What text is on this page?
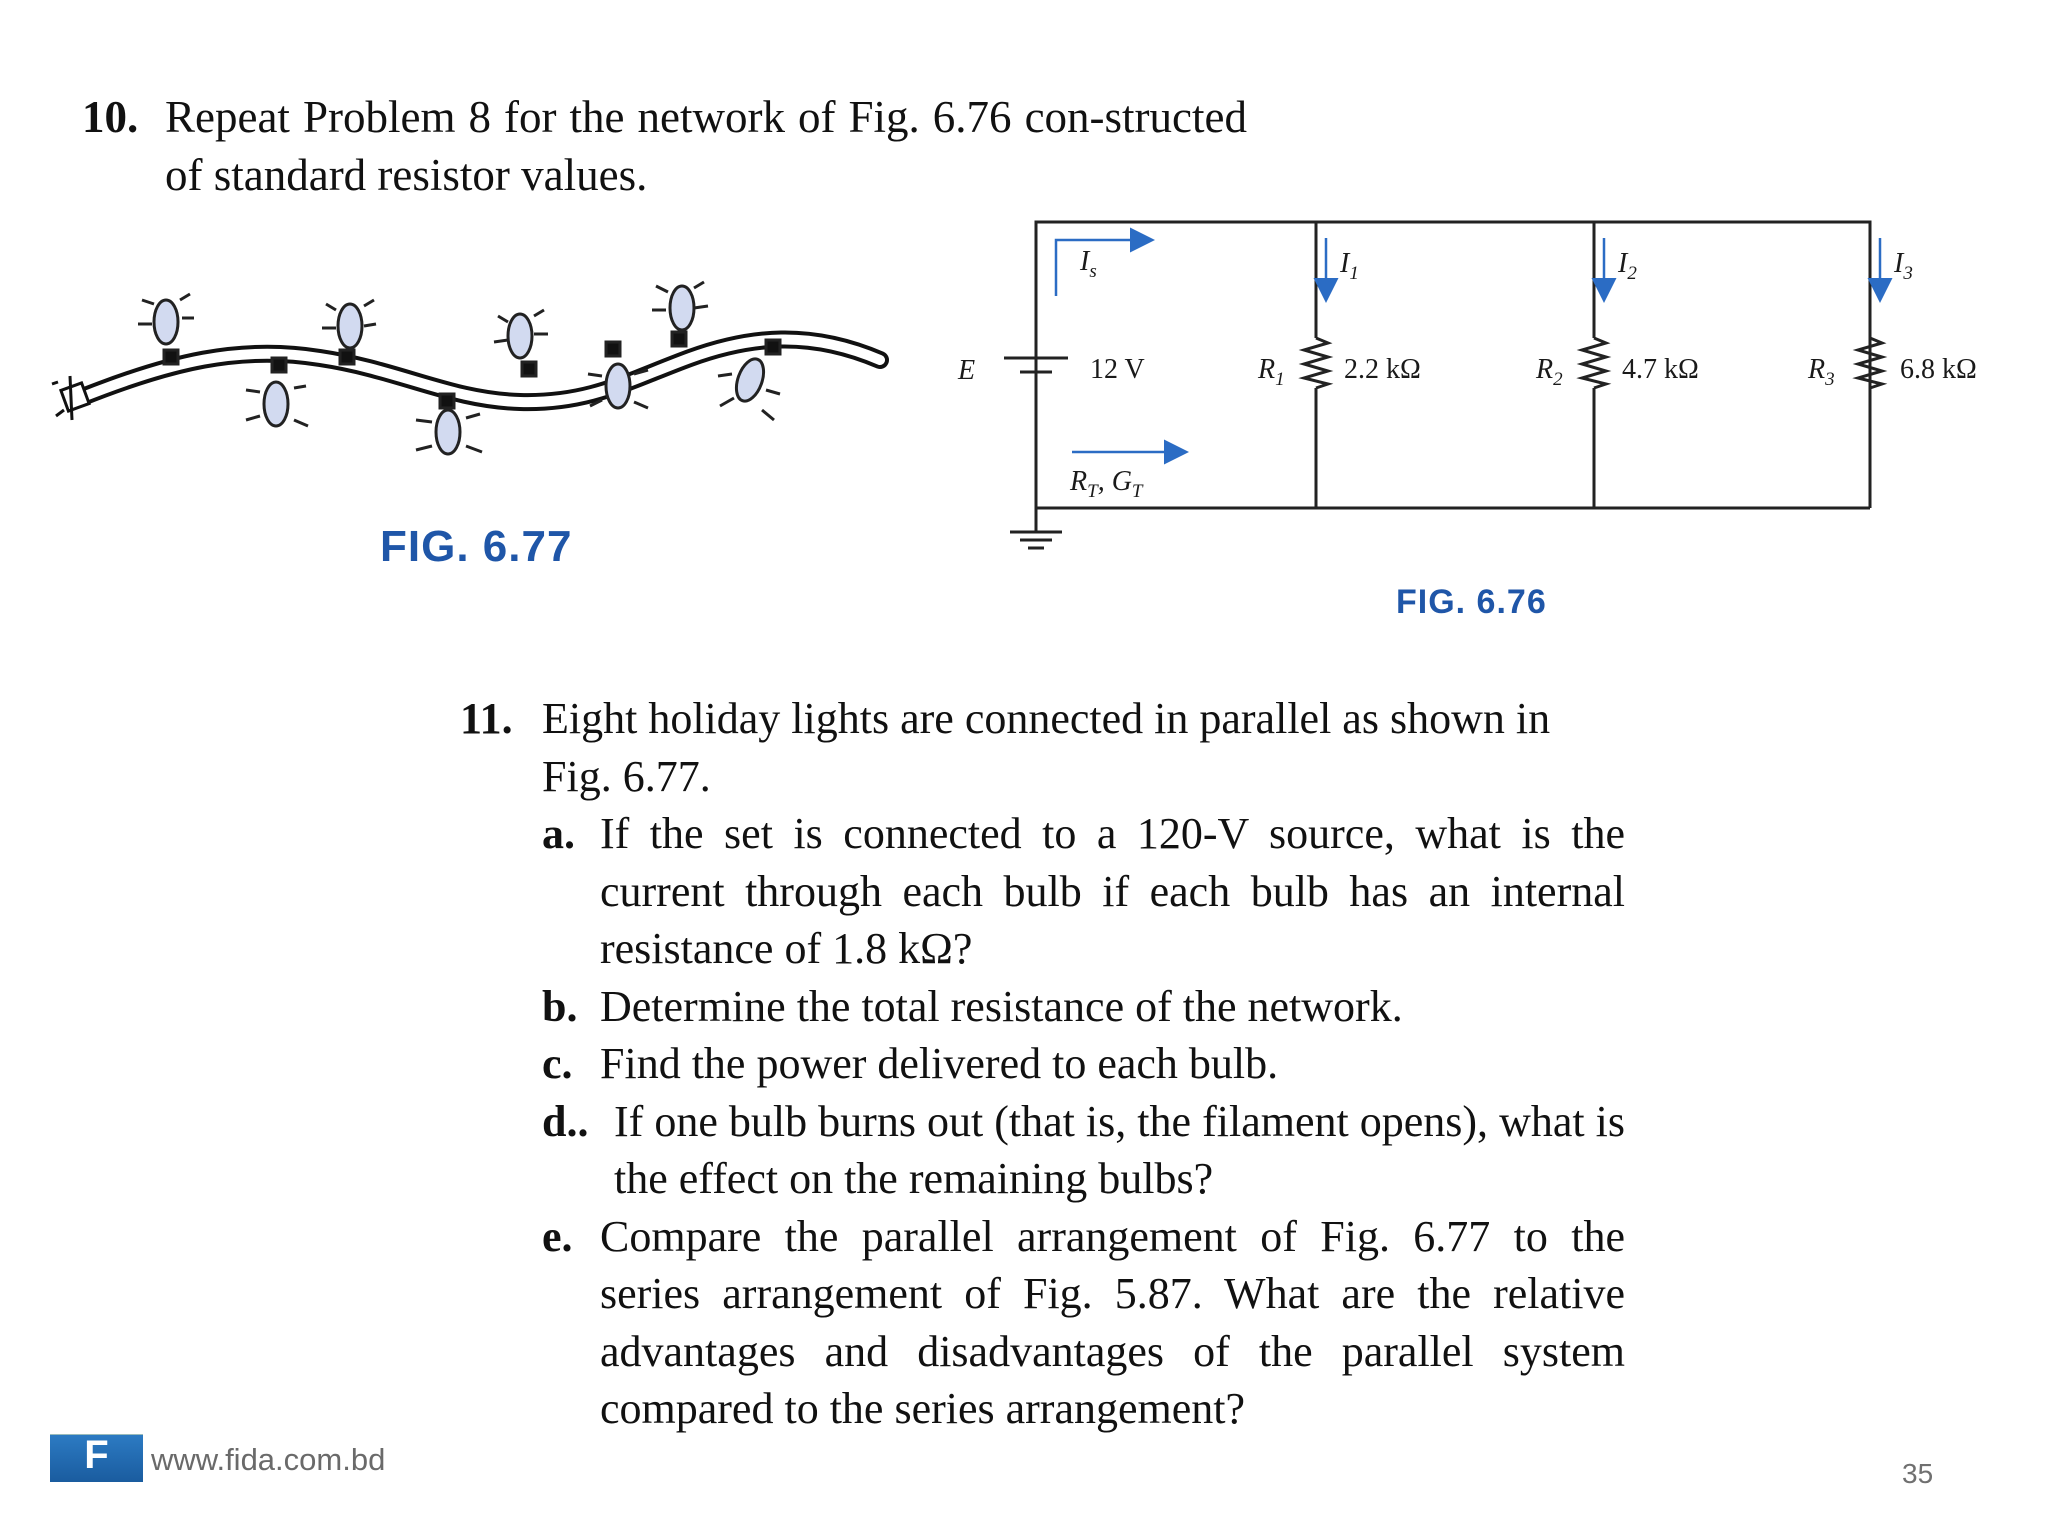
10. Repeat Problem 8 for the network of Fig. 6.76 con-structed of standard resistor values.
FIG. 6.77
E	12 V
$I_s$
$R_T$, $G_T$
$I_1$
$R_1$ 2.2 kΩ
$I_2$
$R_2$ 4.7 kΩ
$I_3$
$R_3$ 6.8 kΩ
FIG. 6.76
11. Eight holiday lights are connected in parallel as shown in Fig. 6.77.
a. If the set is connected to a 120-V source, what is the current through each bulb if each bulb has an internal resistance of 1.8 kΩ?
b. Determine the total resistance of the network.
c. Find the power delivered to each bulb.
d.. If one bulb burns out (that is, the filament opens), what is the effect on the remaining bulbs?
e. Compare the parallel arrangement of Fig. 6.77 to the series arrangement of Fig. 5.87. What are the relative advantages and disadvantages of the parallel system compared to the series arrangement?
F	www.fida.com.bd	35
